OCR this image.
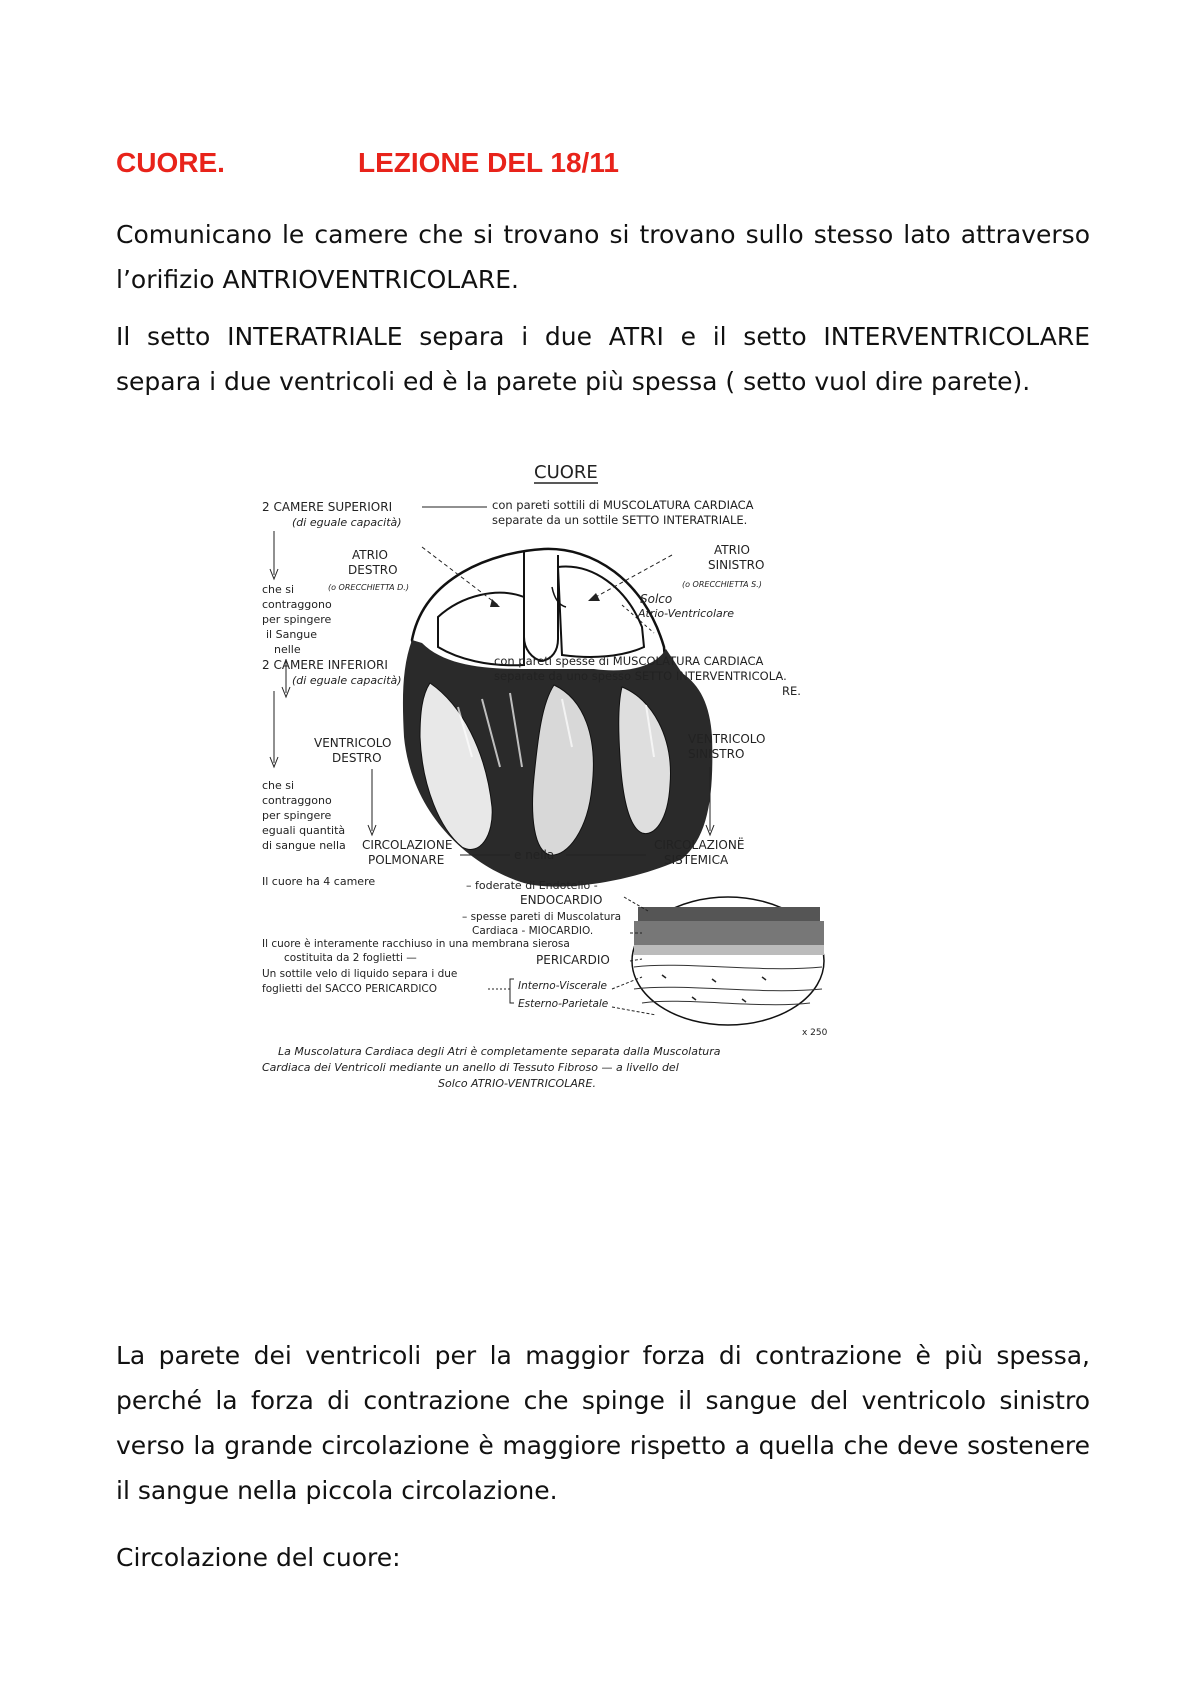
CUORE.	LEZIONE DEL 18/11

Comunicano le camere che si trovano si trovano sullo stesso lato attraverso l’orifizio ANTRIOVENTRICOLARE.

Il setto INTERATRIALE separa i due ATRI e il setto INTERVENTRICOLARE separa i due ventricoli ed è la parete più spessa ( setto vuol dire parete).

CUORE
2 CAMERE SUPERIORI
(di eguale capacità)
con pareti sottili di MUSCOLATURA CARDIACA
separate da un sottile SETTO INTERATRIALE.
che si
contraggono
per spingere
il Sangue
nelle
ATRIO
DESTRO
(o ORECCHIETTA D.)
ATRIO
SINISTRO
(o ORECCHIETTA S.)
Solco
Atrio-Ventricolare
2 CAMERE INFERIORI
(di eguale capacità)
con pareti spesse di MUSCOLATURA CARDIACA
separate da uno spesso SETTO INTERVENTRICOLA.
RE.
VENTRICOLO
DESTRO
VENTRICOLO
SINISTRO
che si
contraggono
per spingere
eguali quantità
di sangue nella CIRCOLAZIONE
POLMONARE	e nella
CIRCOLAZIONË
SISTEMICA
Il cuore ha 4 camere	– foderate di Endotelio -
ENDOCARDIO
– spesse pareti di Muscolatura
Cardiaca - MIOCARDIO.
Il cuore è interamente racchiuso in una membrana sierosa
costituita da 2 foglietti —	PERICARDIO
Un sottile velo di liquido separa i due
foglietti del SACCO PERICARDICO	Interno-Viscerale
Esterno-Parietale
x 250
La Muscolatura Cardiaca degli Atri è completamente separata dalla Muscolatura
Cardiaca dei Ventricoli mediante un anello di Tessuto Fibroso — a livello del
Solco ATRIO-VENTRICOLARE.

La parete dei ventricoli per la maggior forza di contrazione è più spessa, perché la forza di contrazione che spinge il sangue del ventricolo sinistro verso la grande circolazione è maggiore rispetto a quella che deve sostenere il sangue nella piccola circolazione.

Circolazione del cuore:
